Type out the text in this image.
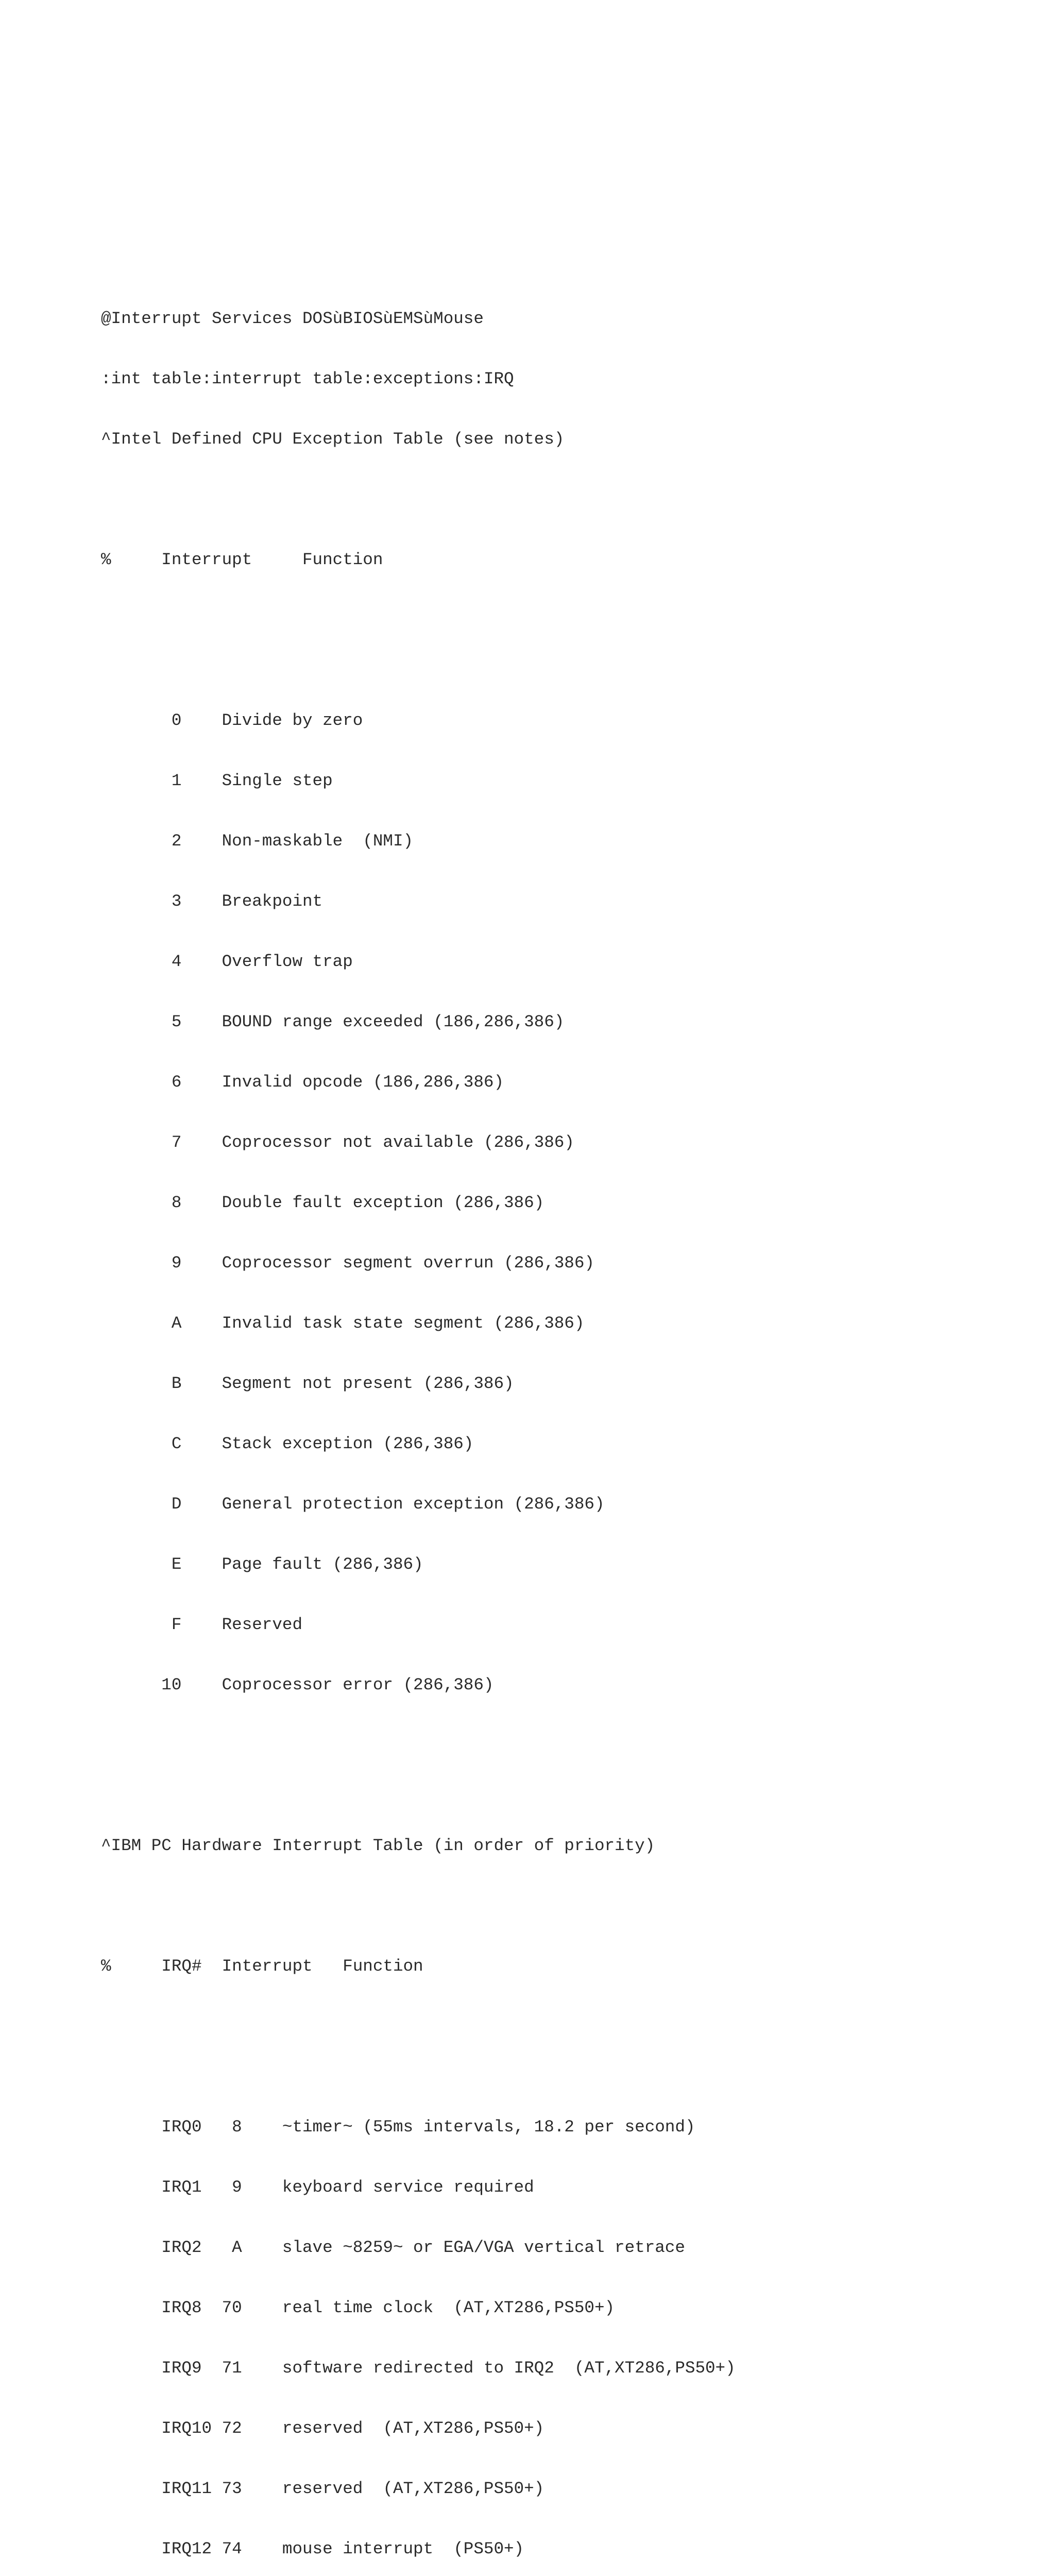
@Interrupt Services DOSùBIOSùEMSùMouse

:int table:interrupt table:exceptions:IRQ

^Intel Defined CPU Exception Table (see notes)

%     Interrupt     Function

0    Divide by zero

1    Single step

2    Non-maskable  (NMI)

3    Breakpoint

4    Overflow trap

5    BOUND range exceeded (186,286,386)

6    Invalid opcode (186,286,386)

7    Coprocessor not available (286,386)

8    Double fault exception (286,386)

9    Coprocessor segment overrun (286,386)

A    Invalid task state segment (286,386)

B    Segment not present (286,386)

C    Stack exception (286,386)

D    General protection exception (286,386)

E    Page fault (286,386)

F    Reserved

10    Coprocessor error (286,386)

^IBM PC Hardware Interrupt Table (in order of priority)

%     IRQ#  Interrupt   Function

IRQ0   8    ~timer~ (55ms intervals, 18.2 per second)

IRQ1   9    keyboard service required

IRQ2   A    slave ~8259~ or EGA/VGA vertical retrace

IRQ8  70    real time clock  (AT,XT286,PS50+)

IRQ9  71    software redirected to IRQ2  (AT,XT286,PS50+)

IRQ10 72    reserved  (AT,XT286,PS50+)

IRQ11 73    reserved  (AT,XT286,PS50+)

IRQ12 74    mouse interrupt  (PS50+)
